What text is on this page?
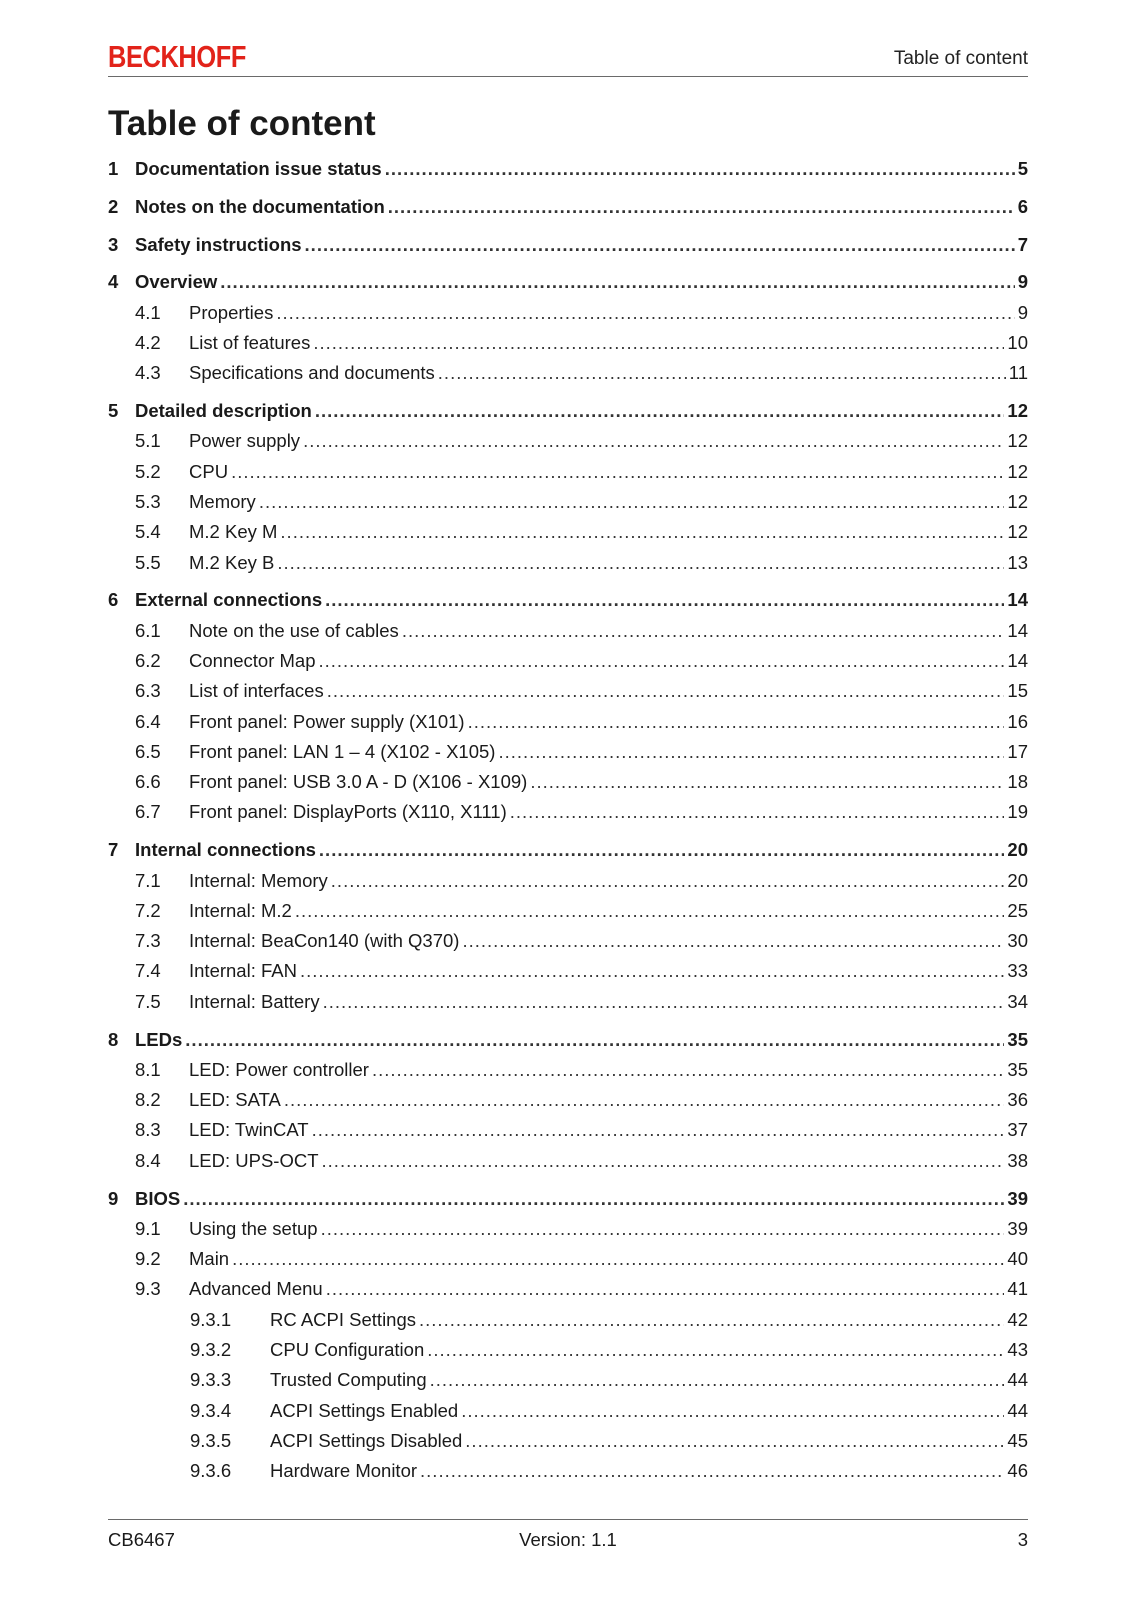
BECKHOFF	Table of content
Table of content
1 Documentation issue status .....	5
2 Notes on the documentation .....	6
3 Safety instructions .....	7
4 Overview .....	9
4.1	Properties .....	9
4.2	List of features .....	10
4.3	Specifications and documents .....	11
5 Detailed description .....	12
5.1	Power supply .....	12
5.2	CPU .....	12
5.3	Memory .....	12
5.4	M.2 Key M .....	12
5.5	M.2 Key B .....	13
6 External connections .....	14
6.1	Note on the use of cables .....	14
6.2	Connector Map .....	14
6.3	List of interfaces .....	15
6.4	Front panel: Power supply (X101) .....	16
6.5	Front panel: LAN 1 – 4 (X102 - X105) .....	17
6.6	Front panel: USB 3.0 A - D (X106 - X109) .....	18
6.7	Front panel: DisplayPorts (X110, X111) .....	19
7 Internal connections .....	20
7.1	Internal: Memory .....	20
7.2	Internal: M.2 .....	25
7.3	Internal: BeaCon140 (with Q370) .....	30
7.4	Internal: FAN .....	33
7.5	Internal: Battery .....	34
8 LEDs .....	35
8.1	LED: Power controller .....	35
8.2	LED: SATA .....	36
8.3	LED: TwinCAT .....	37
8.4	LED: UPS-OCT .....	38
9 BIOS .....	39
9.1	Using the setup .....	39
9.2	Main .....	40
9.3	Advanced Menu .....	41
9.3.1	RC ACPI Settings .....	42
9.3.2	CPU Configuration .....	43
9.3.3	Trusted Computing .....	44
9.3.4	ACPI Settings Enabled .....	44
9.3.5	ACPI Settings Disabled .....	45
9.3.6	Hardware Monitor .....	46
CB6467	Version: 1.1	3
